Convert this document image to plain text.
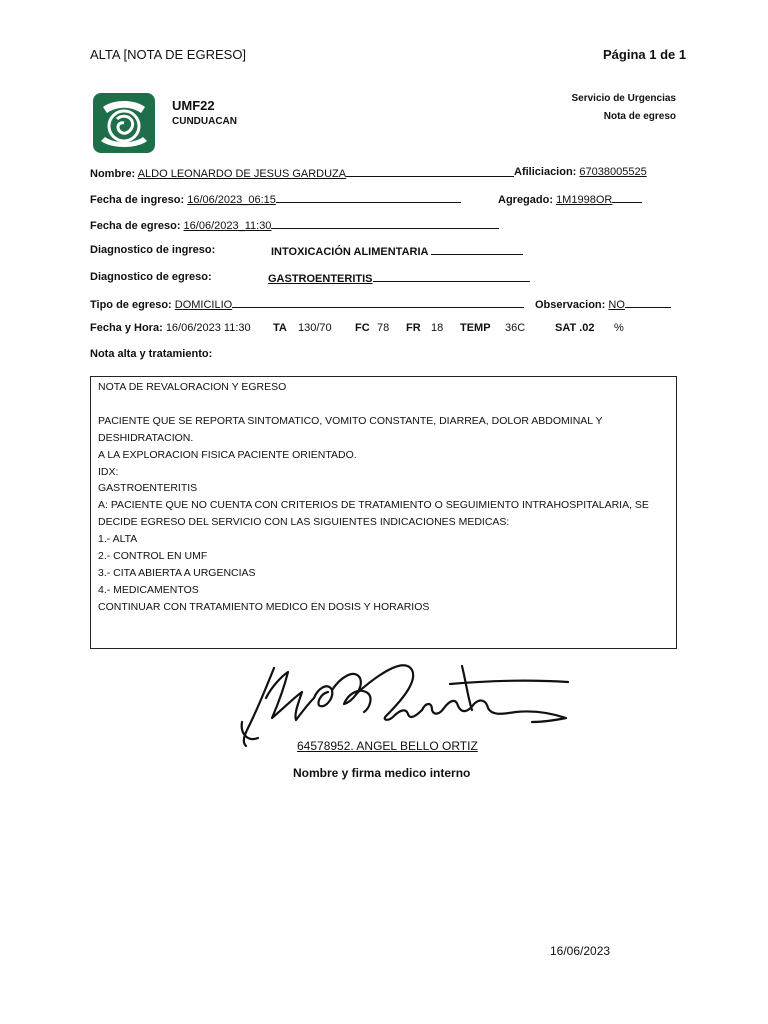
ALTA [NOTA DE EGRESO]	Página 1 de 1
UMF22
CUNDUACAN
Servicio de Urgencias
Nota de egreso
Nombre: ALDO LEONARDO DE JESUS GARDUZA	Afiliciacion: 67038005525
Fecha de ingreso: 16/06/2023_06:15	Agregado: 1M1998OR
Fecha de egreso: 16/06/2023_11:30
Diagnostico de ingreso:	INTOXICACIÓN ALIMENTARIA
Diagnostico de egreso:	GASTROENTERITIS
Tipo de egreso: DOMICILIO	Observacion: NO
Fecha y Hora: 16/06/2023 11:30 TA 130/70 FC 78 FR 18 TEMP 36C	SAT .02 %
Nota alta y tratamiento:
NOTA DE REVALORACION Y EGRESO

PACIENTE QUE SE REPORTA SINTOMATICO, VOMITO CONSTANTE, DIARREA, DOLOR ABDOMINAL Y
DESHIDRATACION.
A LA EXPLORACION FISICA PACIENTE ORIENTADO.
IDX:
GASTROENTERITIS
A: PACIENTE QUE NO CUENTA CON CRITERIOS DE TRATAMIENTO O SEGUIMIENTO INTRAHOSPITALARIA, SE
DECIDE EGRESO DEL SERVICIO CON LAS SIGUIENTES INDICACIONES MEDICAS:
1.- ALTA
2.- CONTROL EN UMF
3.- CITA ABIERTA A URGENCIAS
4.- MEDICAMENTOS
CONTINUAR CON TRATAMIENTO MEDICO EN DOSIS Y HORARIOS
64578952. ANGEL BELLO ORTIZ
Nombre y firma medico interno
16/06/2023
